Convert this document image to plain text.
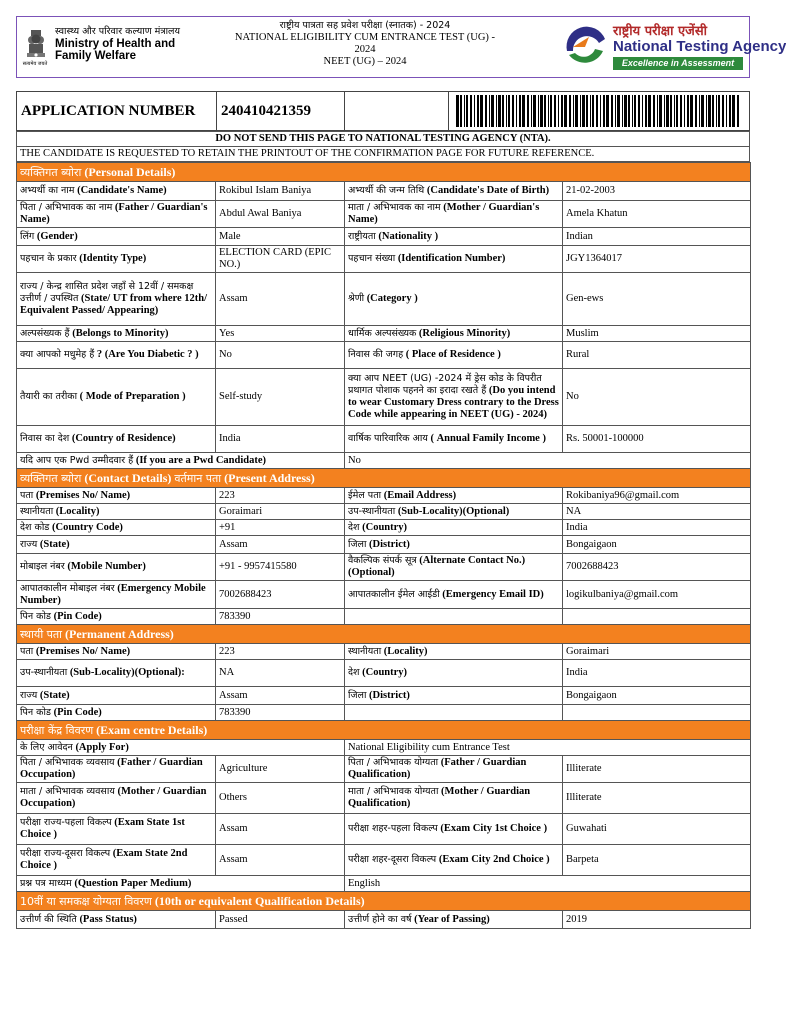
सत्यमेव जयते
स्वास्थ्य और परिवार कल्याण मंत्रालय
Ministry of Health and
Family Welfare
राष्ट्रीय पात्रता सह प्रवेश परीक्षा (स्नातक) - 2024
NATIONAL ELIGIBILITY CUM ENTRANCE TEST (UG) -
2024
NEET (UG) – 2024
राष्ट्रीय परीक्षा एजेंसी
National Testing Agency
Excellence in Assessment
APPLICATION NUMBER	240410421359
DO NOT SEND THIS PAGE TO NATIONAL TESTING AGENCY (NTA).
THE CANDIDATE IS REQUESTED TO RETAIN THE PRINTOUT OF THE CONFIRMATION PAGE FOR FUTURE REFERENCE.
व्यक्तिगत ब्योरा (Personal Details)			
अभ्यर्थी का नाम (Candidate's Name)	Rokibul Islam Baniya	अभ्यर्थी की जन्म तिथि (Candidate's Date of Birth)	21-02-2003
पिता / अभिभावक का नाम (Father / Guardian's Name)	Abdul Awal Baniya	माता / अभिभावक का नाम (Mother / Guardian's Name)	Amela Khatun
लिंग (Gender)	Male	राष्ट्रीयता (Nationality )	Indian
पहचान के प्रकार (Identity Type)	ELECTION CARD (EPIC NO.)	पहचान संख्या (Identification Number)	JGY1364017
राज्य / केन्द्र शासित प्रदेश जहाँ से 12वीं / समकक्ष उत्तीर्ण / उपस्थित (State/ UT from where 12th/ Equivalent Passed/ Appearing)	Assam	श्रेणी (Category )	Gen-ews
अल्पसंख्यक हैं (Belongs to Minority)	Yes	धार्मिक अल्पसंख्यक (Religious Minority)	Muslim
क्या आपको मधुमेह हैं ? (Are You Diabetic ? )	No	निवास की जगह ( Place of Residence )	Rural
तैयारी का तरीका ( Mode of Preparation )	Self-study	क्या आप NEET (UG) -2024 में ड्रेस कोड के विपरीत प्रथागत पोशाक पहनने का इरादा रखते हैं (Do you intend to wear Customary Dress contrary to the Dress Code while appearing in NEET (UG) - 2024)	No
निवास का देश (Country of Residence)	India	वार्षिक पारिवारिक आय ( Annual Family Income )	Rs. 50001-100000
यदि आप एक Pwd उम्मीदवार हैं (If you are a Pwd Candidate)		No	
व्यक्तिगत ब्योरा (Contact Details) वर्तमान पता (Present Address)			
पता (Premises No/ Name)	223	ईमेल पता (Email Address)	Rokibaniya96@gmail.com
स्थानीयता (Locality)	Goraimari	उप-स्थानीयता (Sub-Locality)(Optional)	NA
देश कोड (Country Code)	+91	देश (Country)	India
राज्य (State)	Assam	जिला (District)	Bongaigaon
मोबाइल नंबर (Mobile Number)	+91 - 9957415580	वैकल्पिक संपर्क सूत्र (Alternate Contact No.) (Optional)	7002688423
आपातकालीन मोबाइल नंबर (Emergency Mobile Number)	7002688423	आपातकालीन ईमेल आईडी (Emergency Email ID)	logikulbaniya@gmail.com
पिन कोड (Pin Code)	783390		
स्थायी पता (Permanent Address)			
पता (Premises No/ Name)	223	स्थानीयता (Locality)	Goraimari
उप-स्थानीयता (Sub-Locality)(Optional):	NA	देश (Country)	India
राज्य (State)	Assam	जिला (District)	Bongaigaon
पिन कोड (Pin Code)	783390		
परीक्षा केंद्र विवरण (Exam centre Details)			
के लिए आवेदन (Apply For)		National Eligibility cum Entrance Test	
पिता / अभिभावक व्यवसाय (Father / Guardian Occupation)	Agriculture	पिता / अभिभावक योग्यता (Father / Guardian Qualification)	Illiterate
माता / अभिभावक व्यवसाय (Mother / Guardian Occupation)	Others	माता / अभिभावक योग्यता (Mother / Guardian Qualification)	Illiterate
परीक्षा राज्य-पहला विकल्प (Exam State 1st Choice )	Assam	परीक्षा शहर-पहला विकल्प (Exam City 1st Choice )	Guwahati
परीक्षा राज्य-दूसरा विकल्प (Exam State 2nd Choice )	Assam	परीक्षा शहर-दूसरा विकल्प (Exam City 2nd Choice )	Barpeta
प्रश्न पत्र माध्यम (Question Paper Medium)		English	
10वीं या समकक्ष योग्यता विवरण (10th or equivalent Qualification Details)			
उत्तीर्ण की स्थिति (Pass Status)	Passed	उत्तीर्ण होने का वर्ष (Year of Passing)	2019
